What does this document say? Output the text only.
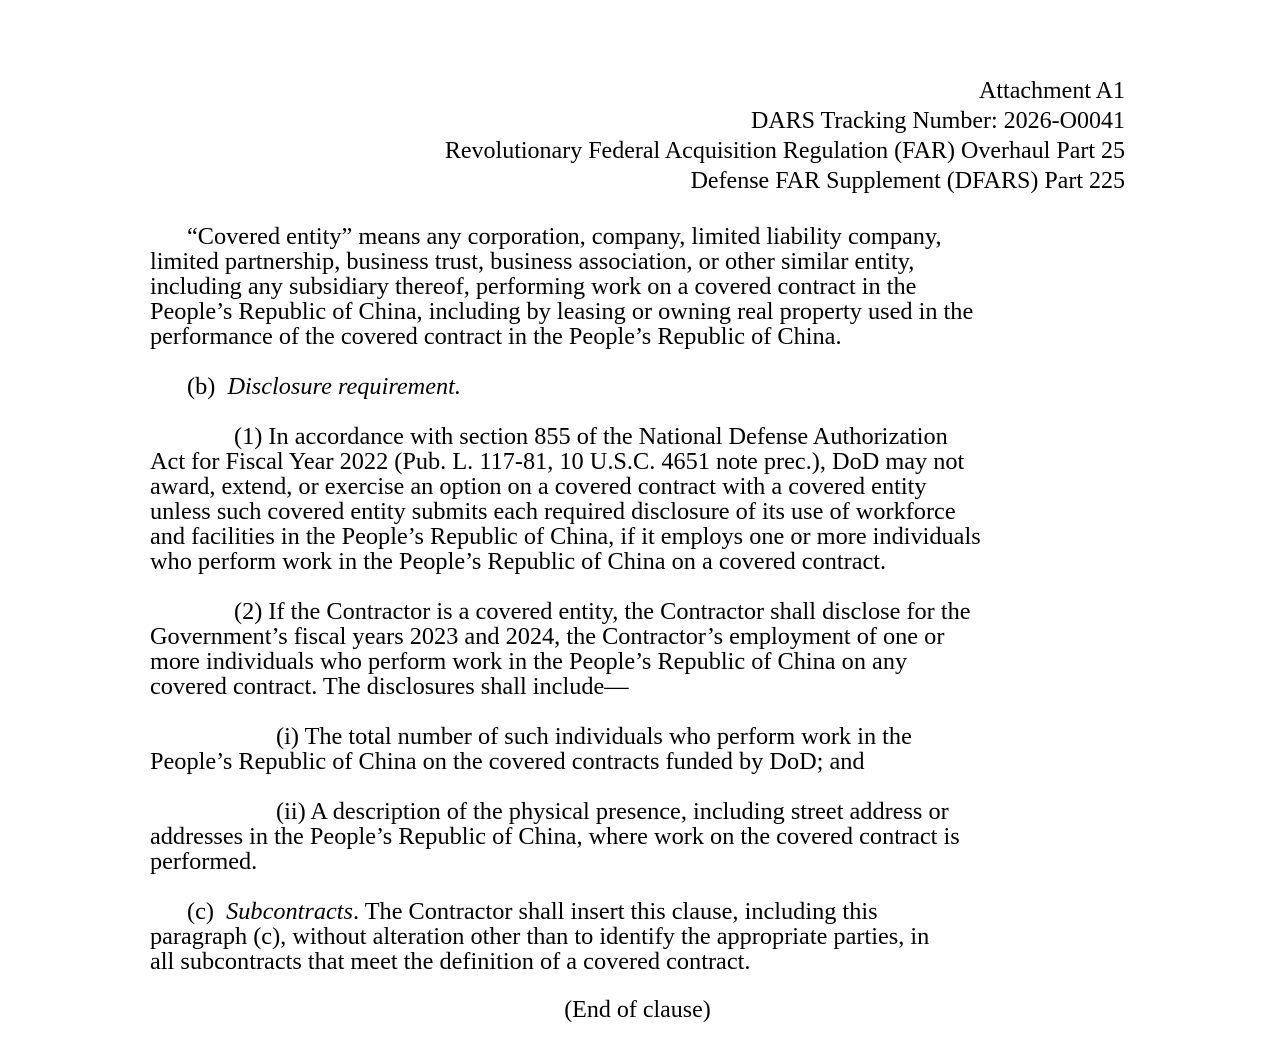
Attachment A1
DARS Tracking Number: 2026-O0041
Revolutionary Federal Acquisition Regulation (FAR) Overhaul Part 25
Defense FAR Supplement (DFARS) Part 225
“Covered entity” means any corporation, company, limited liability company,
limited partnership, business trust, business association, or other similar entity,
including any subsidiary thereof, performing work on a covered contract in the
People’s Republic of China, including by leasing or owning real property used in the
performance of the covered contract in the People’s Republic of China.
(b) Disclosure requirement.
(1) In accordance with section 855 of the National Defense Authorization
Act for Fiscal Year 2022 (Pub. L. 117-81, 10 U.S.C. 4651 note prec.), DoD may not
award, extend, or exercise an option on a covered contract with a covered entity
unless such covered entity submits each required disclosure of its use of workforce
and facilities in the People’s Republic of China, if it employs one or more individuals
who perform work in the People’s Republic of China on a covered contract.
(2) If the Contractor is a covered entity, the Contractor shall disclose for the
Government’s fiscal years 2023 and 2024, the Contractor’s employment of one or
more individuals who perform work in the People’s Republic of China on any
covered contract. The disclosures shall include—
(i) The total number of such individuals who perform work in the
People’s Republic of China on the covered contracts funded by DoD; and
(ii) A description of the physical presence, including street address or
addresses in the People’s Republic of China, where work on the covered contract is
performed.
(c) Subcontracts. The Contractor shall insert this clause, including this
paragraph (c), without alteration other than to identify the appropriate parties, in
all subcontracts that meet the definition of a covered contract.
(End of clause)
